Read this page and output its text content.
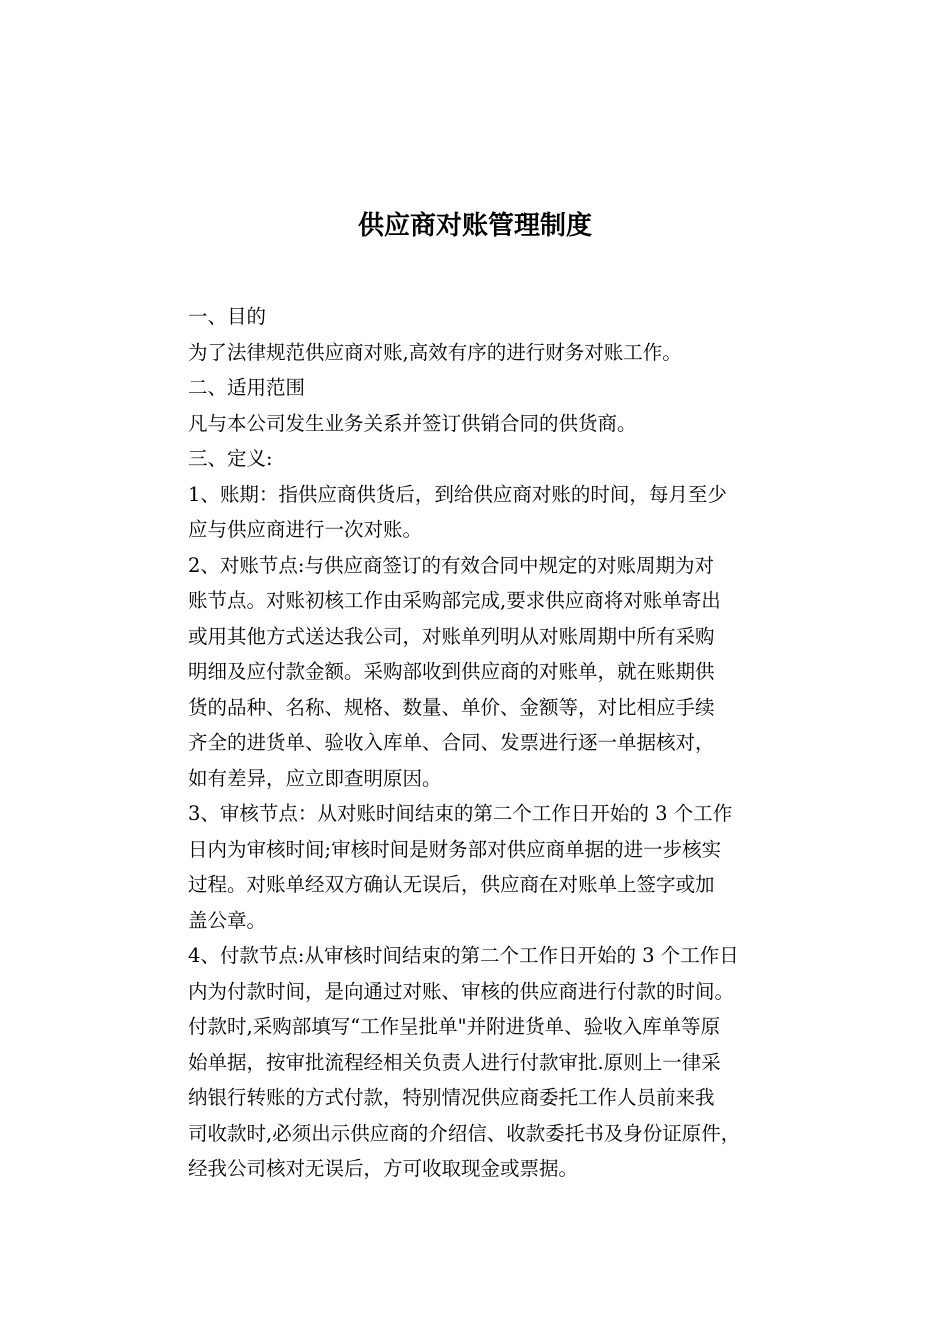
供应商对账管理制度
一、目的
为了法律规范供应商对账,高效有序的进行财务对账工作。
二、适用范围
凡与本公司发生业务关系并签订供销合同的供货商。
三、定义:
1、账期：指供应商供货后，到给供应商对账的时间，每月至少
应与供应商进行一次对账。
2、对账节点:与供应商签订的有效合同中规定的对账周期为对
账节点。对账初核工作由采购部完成,要求供应商将对账单寄出
或用其他方式送达我公司，对账单列明从对账周期中所有采购
明细及应付款金额。采购部收到供应商的对账单，就在账期供
货的品种、名称、规格、数量、单价、金额等，对比相应手续
齐全的进货单、验收入库单、合同、发票进行逐一单据核对，
如有差异，应立即查明原因。
3、审核节点：从对账时间结束的第二个工作日开始的 3 个工作
日内为审核时间;审核时间是财务部对供应商单据的进一步核实
过程。对账单经双方确认无误后，供应商在对账单上签字或加
盖公章。
4、付款节点:从审核时间结束的第二个工作日开始的 3 个工作日
内为付款时间，是向通过对账、审核的供应商进行付款的时间。
付款时,采购部填写“工作呈批单"并附进货单、验收入库单等原
始单据，按审批流程经相关负责人进行付款审批.原则上一律采
纳银行转账的方式付款，特别情况供应商委托工作人员前来我
司收款时,必须出示供应商的介绍信、收款委托书及身份证原件，
经我公司核对无误后，方可收取现金或票据。
